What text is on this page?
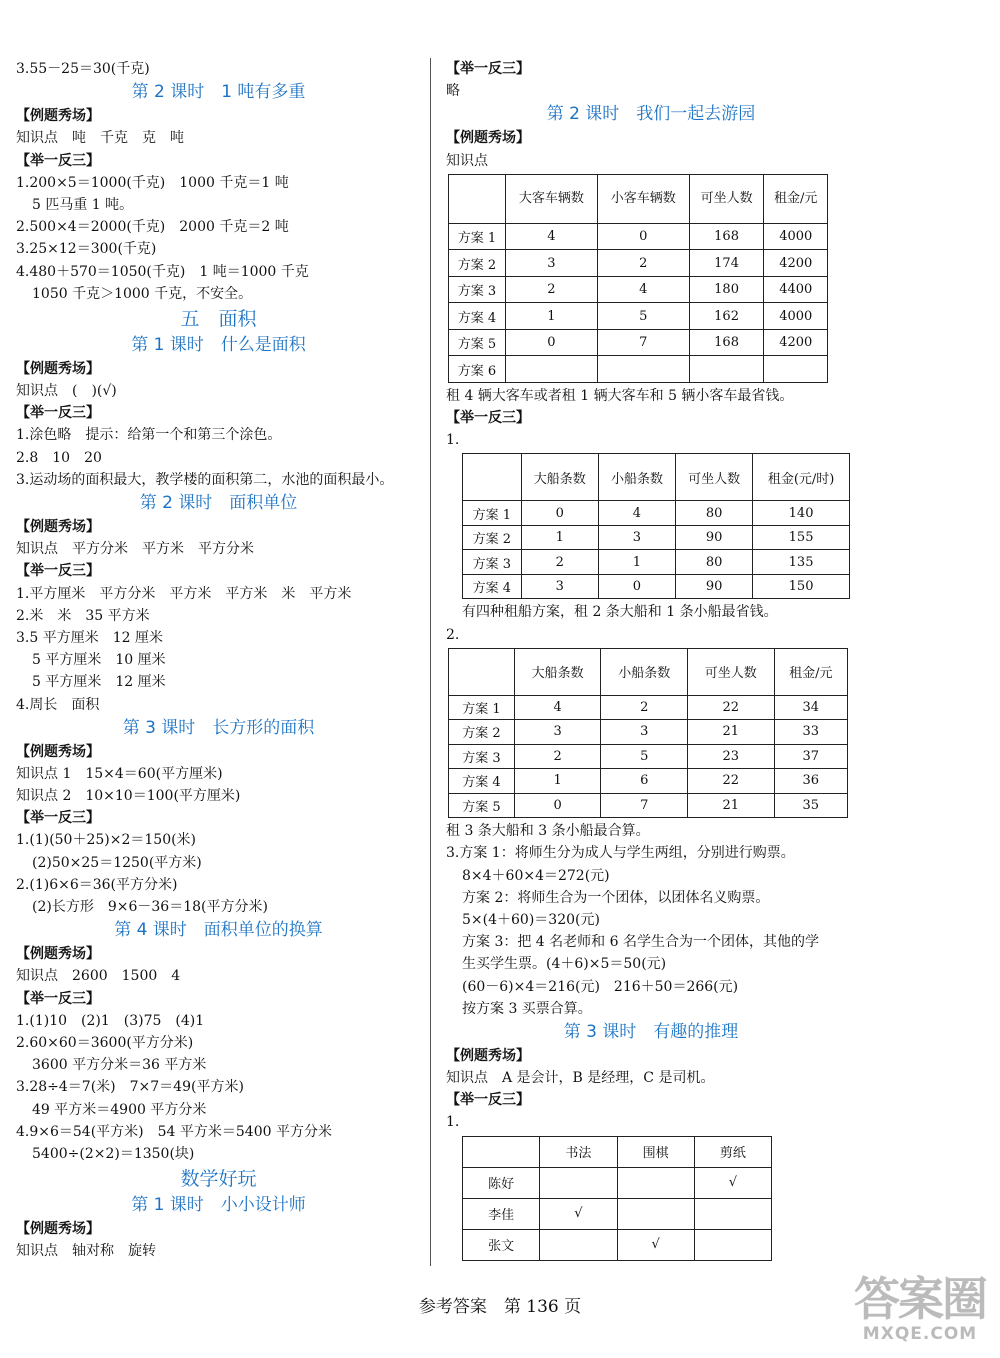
3.55－25＝30(千克)
第 2 课时　1 吨有多重
【例题秀场】
知识点　吨　千克　克　吨
【举一反三】
1.200×5＝1000(千克)　1000 千克＝1 吨
5 匹马重 1 吨。
2.500×4＝2000(千克)　2000 千克＝2 吨
3.25×12＝300(千克)
4.480＋570＝1050(千克)　1 吨＝1000 千克
1050 千克＞1000 千克，不安全。
五　面积
第 1 课时　什么是面积
【例题秀场】
知识点　(　)(√)
【举一反三】
1.涂色略　提示：给第一个和第三个涂色。
2.8　10　20
3.运动场的面积最大，教学楼的面积第二，水池的面积最小。
第 2 课时　面积单位
【例题秀场】
知识点　平方分米　平方米　平方分米
【举一反三】
1.平方厘米　平方分米　平方米　平方米　米　平方米
2.米　米　35 平方米
3.5 平方厘米　12 厘米
5 平方厘米　10 厘米
5 平方厘米　12 厘米
4.周长　面积
第 3 课时　长方形的面积
【例题秀场】
知识点 1　15×4＝60(平方厘米)
知识点 2　10×10＝100(平方厘米)
【举一反三】
1.(1)(50＋25)×2＝150(米)
(2)50×25＝1250(平方米)
2.(1)6×6＝36(平方分米)
(2)长方形　9×6－36＝18(平方分米)
第 4 课时　面积单位的换算
【例题秀场】
知识点　2600　1500　4
【举一反三】
1.(1)10　(2)1　(3)75　(4)1
2.60×60＝3600(平方分米)
3600 平方分米＝36 平方米
3.28÷4＝7(米)　7×7＝49(平方米)
49 平方米＝4900 平方分米
4.9×6＝54(平方米)　54 平方米＝5400 平方分米
5400÷(2×2)＝1350(块)
数学好玩
第 1 课时　小小设计师
【例题秀场】
知识点　轴对称　旋转
【举一反三】
略
第 2 课时　我们一起去游园
【例题秀场】
知识点
	大客车辆数	小客车辆数	可坐人数	租金/元
方案 1	4	0	168	4000
方案 2	3	2	174	4200
方案 3	2	4	180	4400
方案 4	1	5	162	4000
方案 5	0	7	168	4200
方案 6				
租 4 辆大客车或者租 1 辆大客车和 5 辆小客车最省钱。
【举一反三】
1.
	大船条数	小船条数	可坐人数	租金(元/时)
方案 1	0	4	80	140
方案 2	1	3	90	155
方案 3	2	1	80	135
方案 4	3	0	90	150
有四种租船方案，租 2 条大船和 1 条小船最省钱。
2.
	大船条数	小船条数	可坐人数	租金/元
方案 1	4	2	22	34
方案 2	3	3	21	33
方案 3	2	5	23	37
方案 4	1	6	22	36
方案 5	0	7	21	35
租 3 条大船和 3 条小船最合算。
3.方案 1：将师生分为成人与学生两组，分别进行购票。
8×4＋60×4＝272(元)
方案 2：将师生合为一个团体，以团体名义购票。
5×(4＋60)＝320(元)
方案 3：把 4 名老师和 6 名学生合为一个团体，其他的学
生买学生票。(4＋6)×5＝50(元)
(60－6)×4＝216(元)　216＋50＝266(元)
按方案 3 买票合算。
第 3 课时　有趣的推理
【例题秀场】
知识点　A 是会计，B 是经理，C 是司机。
【举一反三】
1.
	书法	围棋	剪纸
陈好			√
李佳	√		
张文		√	
参考答案　第 136 页	答案圈
MXQE.COM
